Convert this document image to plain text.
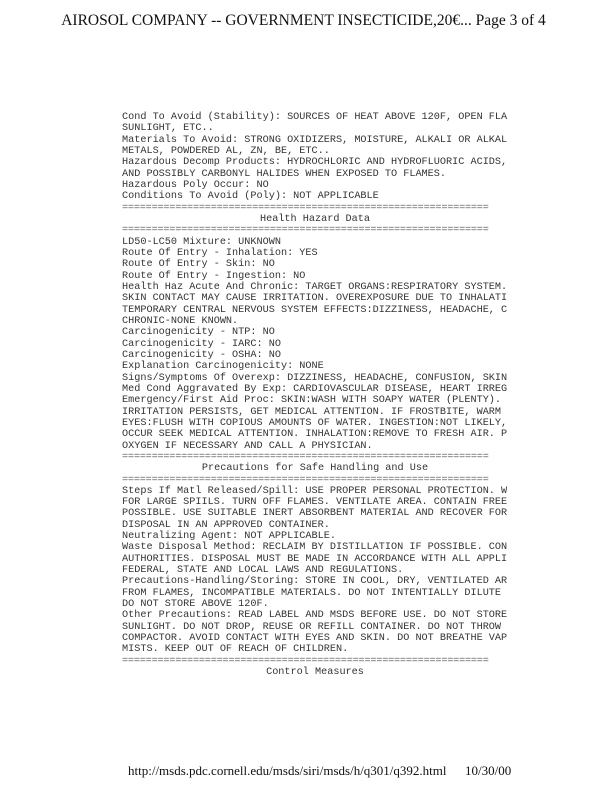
AIROSOL COMPANY -- GOVERNMENT INSECTICIDE,20€... Page 3 of 4
Cond To Avoid (Stability): SOURCES OF HEAT ABOVE 120F, OPEN FLA
SUNLIGHT, ETC..
Materials To Avoid: STRONG OXIDIZERS, MOISTURE, ALKALI OR ALKAL
METALS, POWDERED AL, ZN, BE, ETC..
Hazardous Decomp Products: HYDROCHLORIC AND HYDROFLUORIC ACIDS,
AND POSSIBLY CARBONYL HALIDES WHEN EXPOSED TO FLAMES.
Hazardous Poly Occur: NO
Conditions To Avoid (Poly): NOT APPLICABLE
==============================================================
Health Hazard Data
==============================================================
LD50-LC50 Mixture: UNKNOWN
Route Of Entry - Inhalation: YES
Route Of Entry - Skin: NO
Route Of Entry - Ingestion: NO
Health Haz Acute And Chronic: TARGET ORGANS:RESPIRATORY SYSTEM.
SKIN CONTACT MAY CAUSE IRRITATION. OVEREXPOSURE DUE TO INHALATI
TEMPORARY CENTRAL NERVOUS SYSTEM EFFECTS:DIZZINESS, HEADACHE, C
CHRONIC-NONE KNOWN.
Carcinogenicity - NTP: NO
Carcinogenicity - IARC: NO
Carcinogenicity - OSHA: NO
Explanation Carcinogenicity: NONE
Signs/Symptoms Of Overexp: DIZZINESS, HEADACHE, CONFUSION, SKIN
Med Cond Aggravated By Exp: CARDIOVASCULAR DISEASE, HEART IRREG
Emergency/First Aid Proc: SKIN:WASH WITH SOAPY WATER (PLENTY).
IRRITATION PERSISTS, GET MEDICAL ATTENTION. IF FROSTBITE, WARM
EYES:FLUSH WITH COPIOUS AMOUNTS OF WATER. INGESTION:NOT LIKELY,
OCCUR SEEK MEDICAL ATTENTION. INHALATION:REMOVE TO FRESH AIR. P
OXYGEN IF NECESSARY AND CALL A PHYSICIAN.
==============================================================
Precautions for Safe Handling and Use
==============================================================
Steps If Matl Released/Spill: USE PROPER PERSONAL PROTECTION. W
FOR LARGE SPIILS. TURN OFF FLAMES. VENTILATE AREA. CONTAIN FREE
POSSIBLE. USE SUITABLE INERT ABSORBENT MATERIAL AND RECOVER FOR
DISPOSAL IN AN APPROVED CONTAINER.
Neutralizing Agent: NOT APPLICABLE.
Waste Disposal Method: RECLAIM BY DISTILLATION IF POSSIBLE. CON
AUTHORITIES. DISPOSAL MUST BE MADE IN ACCORDANCE WITH ALL APPLI
FEDERAL, STATE AND LOCAL LAWS AND REGULATIONS.
Precautions-Handling/Storing: STORE IN COOL, DRY, VENTILATED AR
FROM FLAMES, INCOMPATIBLE MATERIALS. DO NOT INTENTIALLY DILUTE
DO NOT STORE ABOVE 120F.
Other Precautions: READ LABEL AND MSDS BEFORE USE. DO NOT STORE
SUNLIGHT. DO NOT DROP, REUSE OR REFILL CONTAINER. DO NOT THROW
COMPACTOR. AVOID CONTACT WITH EYES AND SKIN. DO NOT BREATHE VAP
MISTS. KEEP OUT OF REACH OF CHILDREN.
==============================================================
Control Measures
http://msds.pdc.cornell.edu/msds/siri/msds/h/q301/q392.html 10/30/00
